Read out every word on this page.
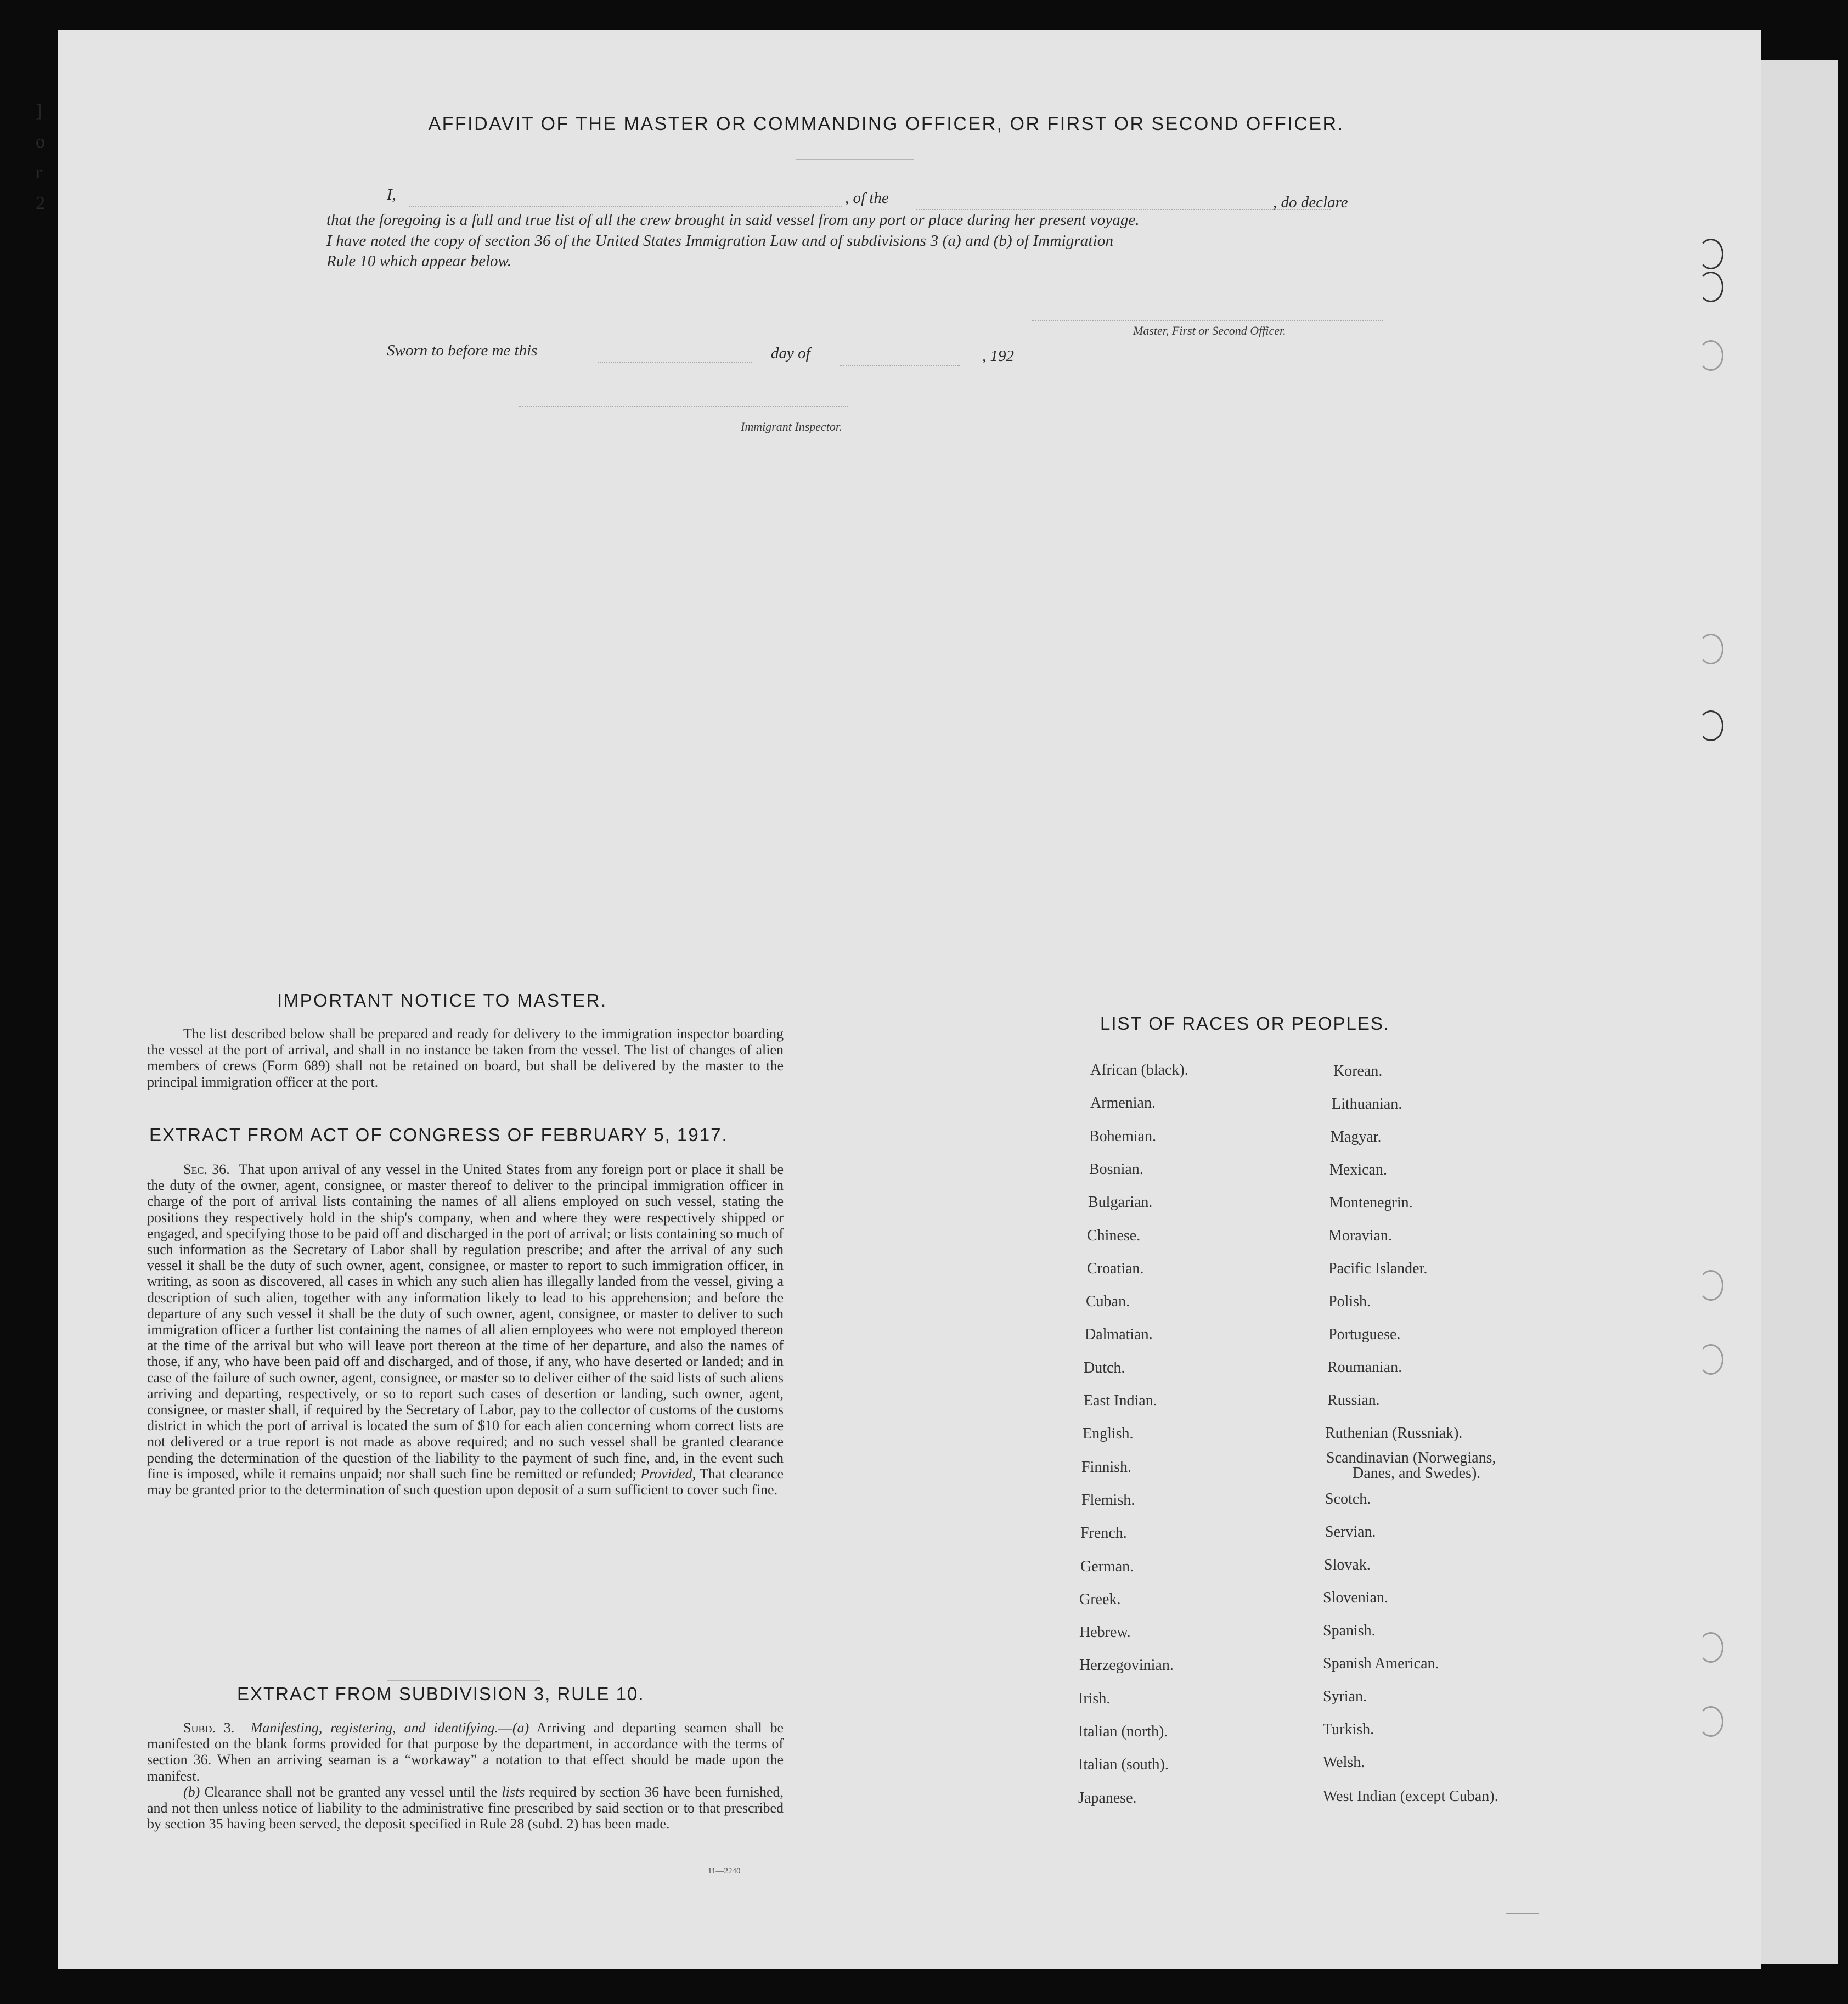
]
o
r
2
AFFIDAVIT OF THE MASTER OR COMMANDING OFFICER, OR FIRST OR SECOND OFFICER.
I,	, of the	, do declare
that the foregoing is a full and true list of all the crew brought in said vessel from any port or place during her present voyage.
I have noted the copy of section 36 of the United States Immigration Law and of subdivisions 3 (a) and (b) of Immigration
Rule 10 which appear below.
Master, First or Second Officer.
Sworn to before me this	day of	, 192
Immigrant Inspector.
IMPORTANT NOTICE TO MASTER.

The list described below shall be prepared and ready for delivery to the immigration inspector boarding the vessel at the port of arrival, and shall in no instance be taken from the vessel. The list of changes of alien members of crews (Form 689) shall not be retained on board, but shall be delivered by the master to the principal immigration officer at the port.

EXTRACT FROM ACT OF CONGRESS OF FEBRUARY 5, 1917.

Sec. 36. That upon arrival of any vessel in the United States from any foreign port or place it shall be the duty of the owner, agent, consignee, or master thereof to deliver to the principal immigration officer in charge of the port of arrival lists containing the names of all aliens employed on such vessel, stating the positions they respectively hold in the ship's company, when and where they were respectively shipped or engaged, and specifying those to be paid off and discharged in the port of arrival; or lists containing so much of such information as the Secretary of Labor shall by regulation prescribe; and after the arrival of any such vessel it shall be the duty of such owner, agent, consignee, or master to report to such immigration officer, in writing, as soon as discovered, all cases in which any such alien has illegally landed from the vessel, giving a description of such alien, together with any information likely to lead to his apprehension; and before the departure of any such vessel it shall be the duty of such owner, agent, consignee, or master to deliver to such immigration officer a further list containing the names of all alien employees who were not employed thereon at the time of the arrival but who will leave port thereon at the time of her departure, and also the names of those, if any, who have been paid off and discharged, and of those, if any, who have deserted or landed; and in case of the failure of such owner, agent, consignee, or master so to deliver either of the said lists of such aliens arriving and departing, respectively, or so to report such cases of desertion or landing, such owner, agent, consignee, or master shall, if required by the Secretary of Labor, pay to the collector of customs of the customs district in which the port of arrival is located the sum of $10 for each alien concerning whom correct lists are not delivered or a true report is not made as above required; and no such vessel shall be granted clearance pending the determination of the question of the liability to the payment of such fine, and, in the event such fine is imposed, while it remains unpaid; nor shall such fine be remitted or refunded; Provided, That clearance may be granted prior to the determination of such question upon deposit of a sum sufficient to cover such fine.

EXTRACT FROM SUBDIVISION 3, RULE 10.

Subd. 3. Manifesting, registering, and identifying.—(a) Arriving and departing seamen shall be manifested on the blank forms provided for that purpose by the department, in accordance with the terms of section 36. When an arriving seaman is a “workaway” a notation to that effect should be made upon the manifest.

(b) Clearance shall not be granted any vessel until the lists required by section 36 have been furnished, and not then unless notice of liability to the administrative fine prescribed by said section or to that prescribed by section 35 having been served, the deposit specified in Rule 28 (subd. 2) has been made.

11—2240
LIST OF RACES OR PEOPLES.
African (black).
Armenian.
Bohemian.
Bosnian.
Bulgarian.
Chinese.
Croatian.
Cuban.
Dalmatian.
Dutch.
East Indian.
English.
Finnish.
Flemish.
French.
German.
Greek.
Hebrew.
Herzegovinian.
Irish.
Italian (north).
Italian (south).
Japanese.
Korean.
Lithuanian.
Magyar.
Mexican.
Montenegrin.
Moravian.
Pacific Islander.
Polish.
Portuguese.
Roumanian.
Russian.
Ruthenian (Russniak).
Scandinavian (Norwegians,
Danes, and Swedes).
Scotch.
Servian.
Slovak.
Slovenian.
Spanish.
Spanish American.
Syrian.
Turkish.
Welsh.
West Indian (except Cuban).
